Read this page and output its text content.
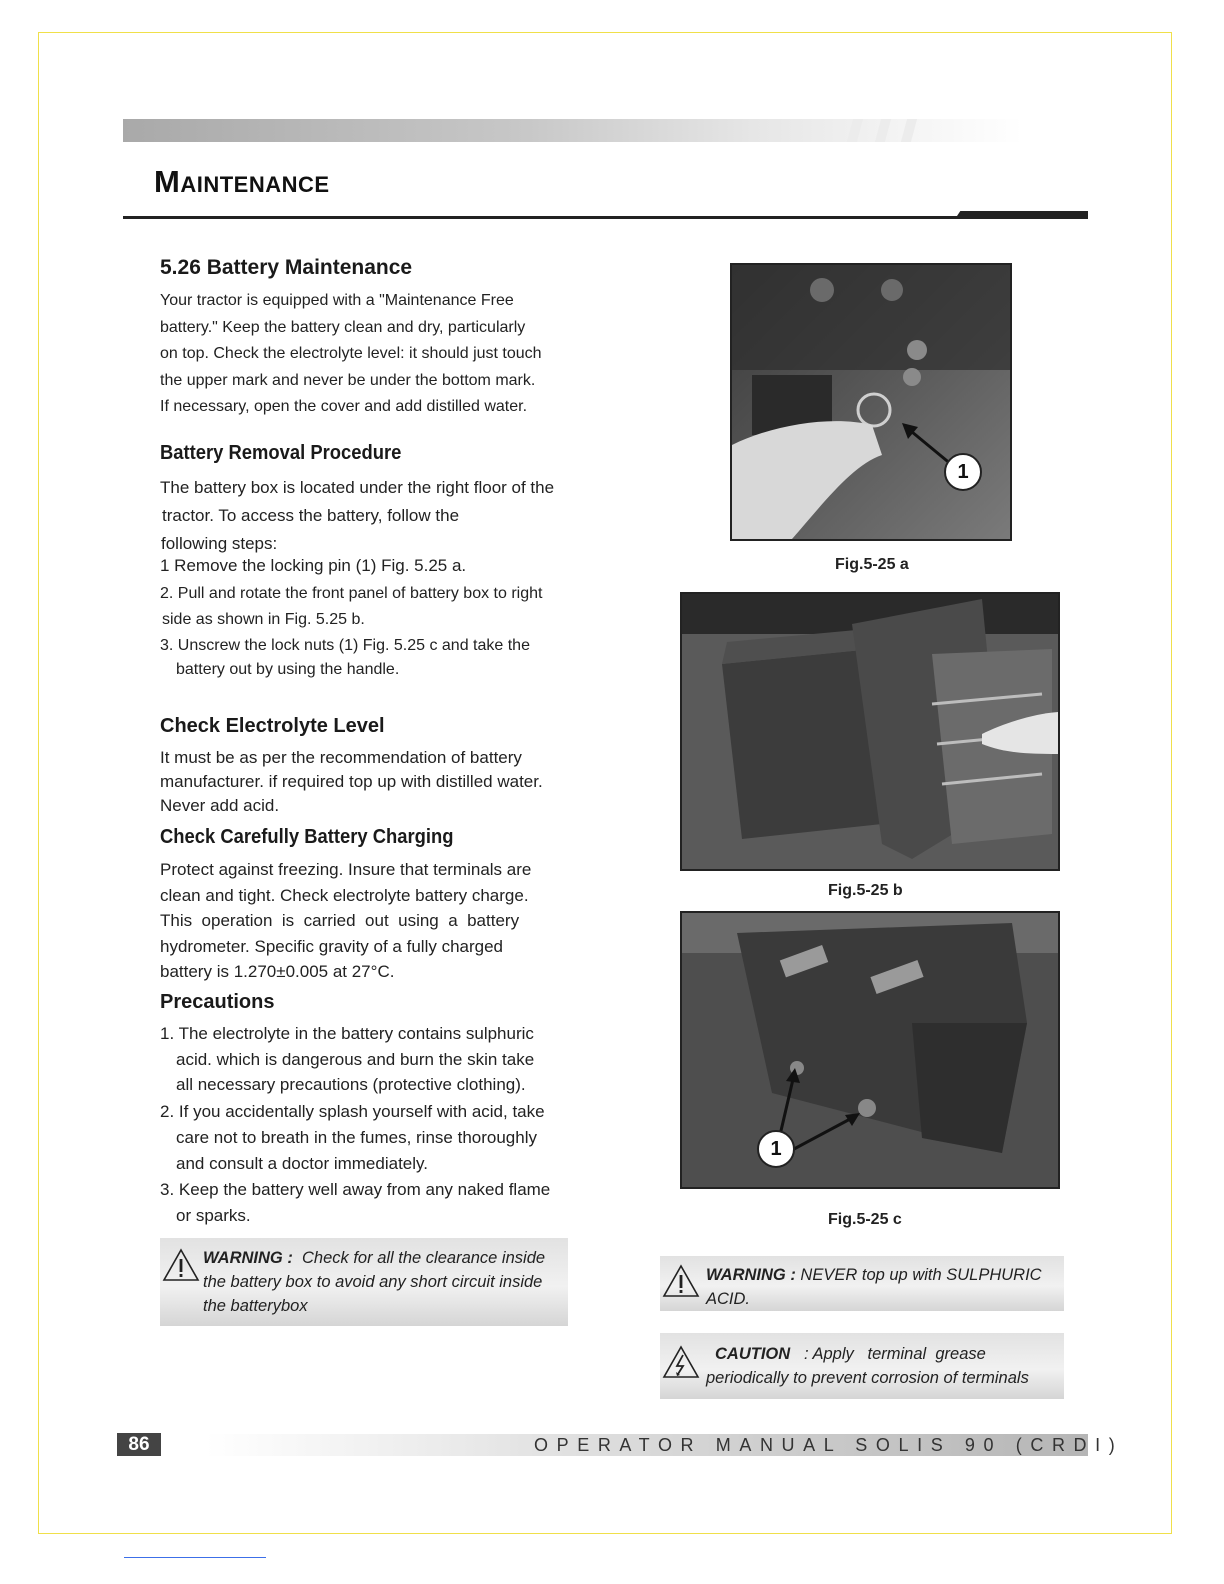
Maintenance
5.26 Battery Maintenance
Your tractor is equipped with a "Maintenance Free
battery." Keep the battery clean and dry, particularly
on top. Check the electrolyte level: it should just touch
the upper mark and never be under the bottom mark.
If necessary, open the cover and add distilled water.
Battery Removal Procedure
The battery box is located under the right floor of the
tractor. To access the battery, follow the
following steps:
1 Remove the locking pin (1) Fig. 5.25 a.
2. Pull and rotate the front panel of battery box to right
side as shown in Fig. 5.25 b.
3. Unscrew the lock nuts (1) Fig. 5.25 c and take the
battery out by using the handle.
Check Electrolyte Level
It must be as per the recommendation of battery
manufacturer. if required top up with distilled water.
Never add acid.
Check Carefully Battery Charging
Protect against freezing. Insure that terminals are
clean and tight. Check electrolyte battery charge.
This  operation  is  carried  out  using  a  battery
hydrometer. Specific gravity of a fully charged
battery is 1.270±0.005 at 27°C.
Precautions
1. The electrolyte in the battery contains sulphuric
acid. which is dangerous and burn the skin take
all necessary precautions (protective clothing).
2. If you accidentally splash yourself with acid, take
care not to breath in the fumes, rinse thoroughly
and consult a doctor immediately.
3. Keep the battery well away from any naked flame
or sparks.
WARNING : Check for all the clearance inside
the battery box to avoid any short circuit inside
the batterybox
1
Fig.5-25 a
Fig.5-25 b
1
Fig.5-25 c
WARNING : NEVER top up with SULPHURIC
ACID.
CAUTION : Apply   terminal  grease
periodically to prevent corrosion of terminals
86	OPERATOR MANUAL SOLIS 90 (CRDI)
